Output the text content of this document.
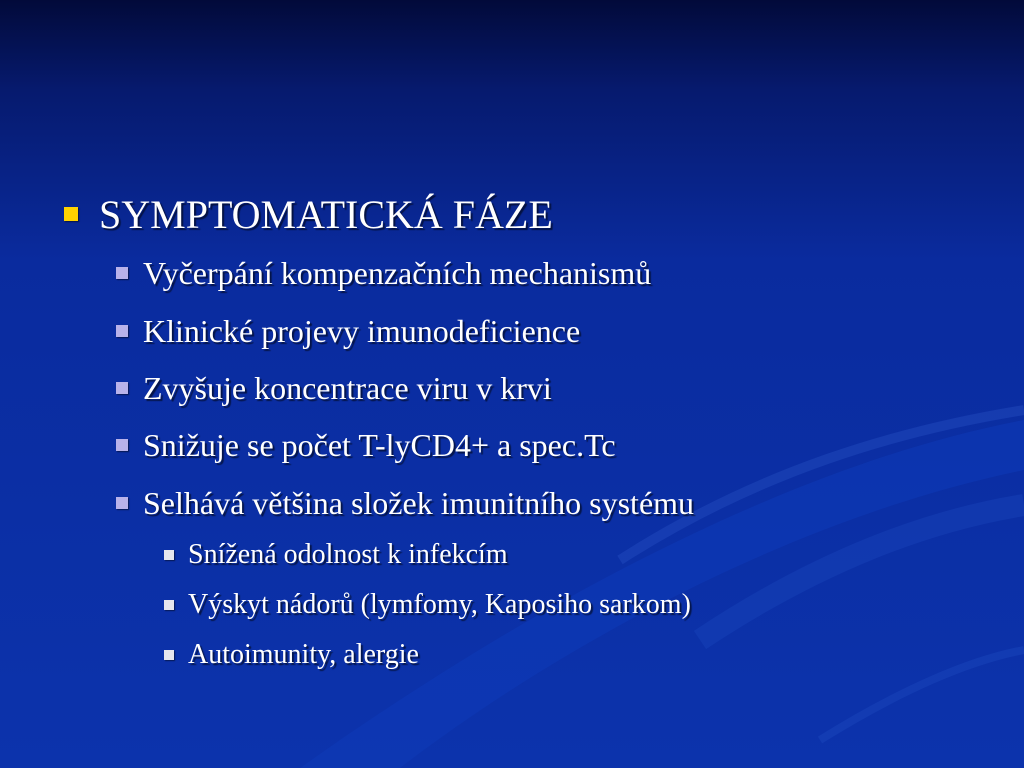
SYMPTOMATICKÁ FÁZE
Vyčerpání kompenzačních mechanismů
Klinické projevy imunodeficience
Zvyšuje koncentrace viru v krvi
Snižuje se počet T-lyCD4+ a spec.Tc
Selhává většina složek imunitního systému
Snížená odolnost k infekcím
Výskyt nádorů (lymfomy, Kaposiho sarkom)
Autoimunity, alergie
